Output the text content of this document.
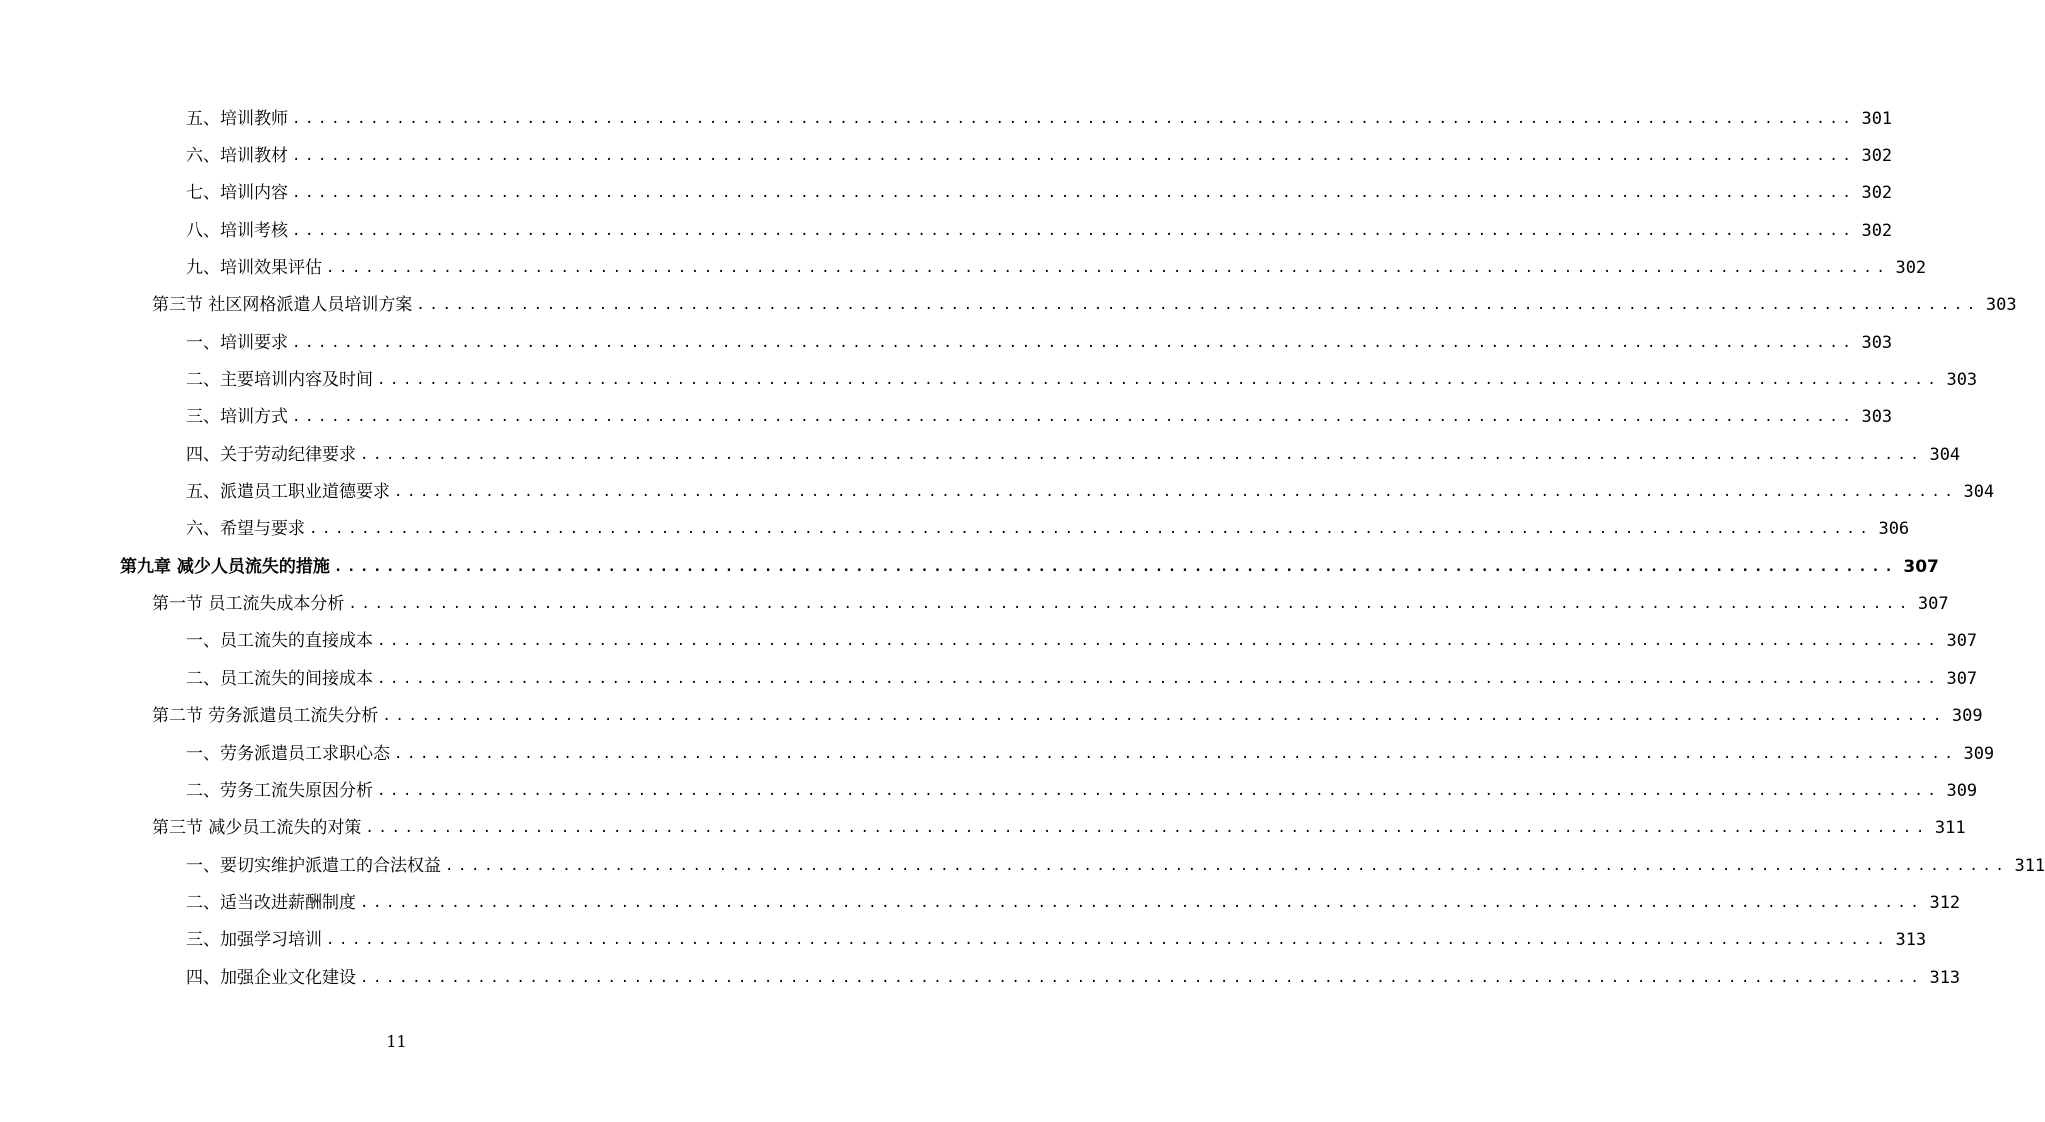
五、培训教师 ........................................................................................................................ 301
六、培训教材 ........................................................................................................................ 302
七、培训内容 ........................................................................................................................ 302
八、培训考核 ........................................................................................................................ 302
九、培训效果评估 ........................................................................................................................ 302
第三节 社区网格派遣人员培训方案 ........................................................................................................................ 303
一、培训要求 ........................................................................................................................ 303
二、主要培训内容及时间 ........................................................................................................................ 303
三、培训方式 ........................................................................................................................ 303
四、关于劳动纪律要求 ........................................................................................................................ 304
五、派遣员工职业道德要求 ........................................................................................................................ 304
六、希望与要求 ........................................................................................................................ 306
第九章 减少人员流失的措施 ........................................................................................................................ 307
第一节 员工流失成本分析 ........................................................................................................................ 307
一、员工流失的直接成本 ........................................................................................................................ 307
二、员工流失的间接成本 ........................................................................................................................ 307
第二节 劳务派遣员工流失分析 ........................................................................................................................ 309
一、劳务派遣员工求职心态 ........................................................................................................................ 309
二、劳务工流失原因分析 ........................................................................................................................ 309
第三节 减少员工流失的对策 ........................................................................................................................ 311
一、要切实维护派遣工的合法权益 ........................................................................................................................ 311
二、适当改进薪酬制度 ........................................................................................................................ 312
三、加强学习培训 ........................................................................................................................ 313
四、加强企业文化建设 ........................................................................................................................ 313
11
